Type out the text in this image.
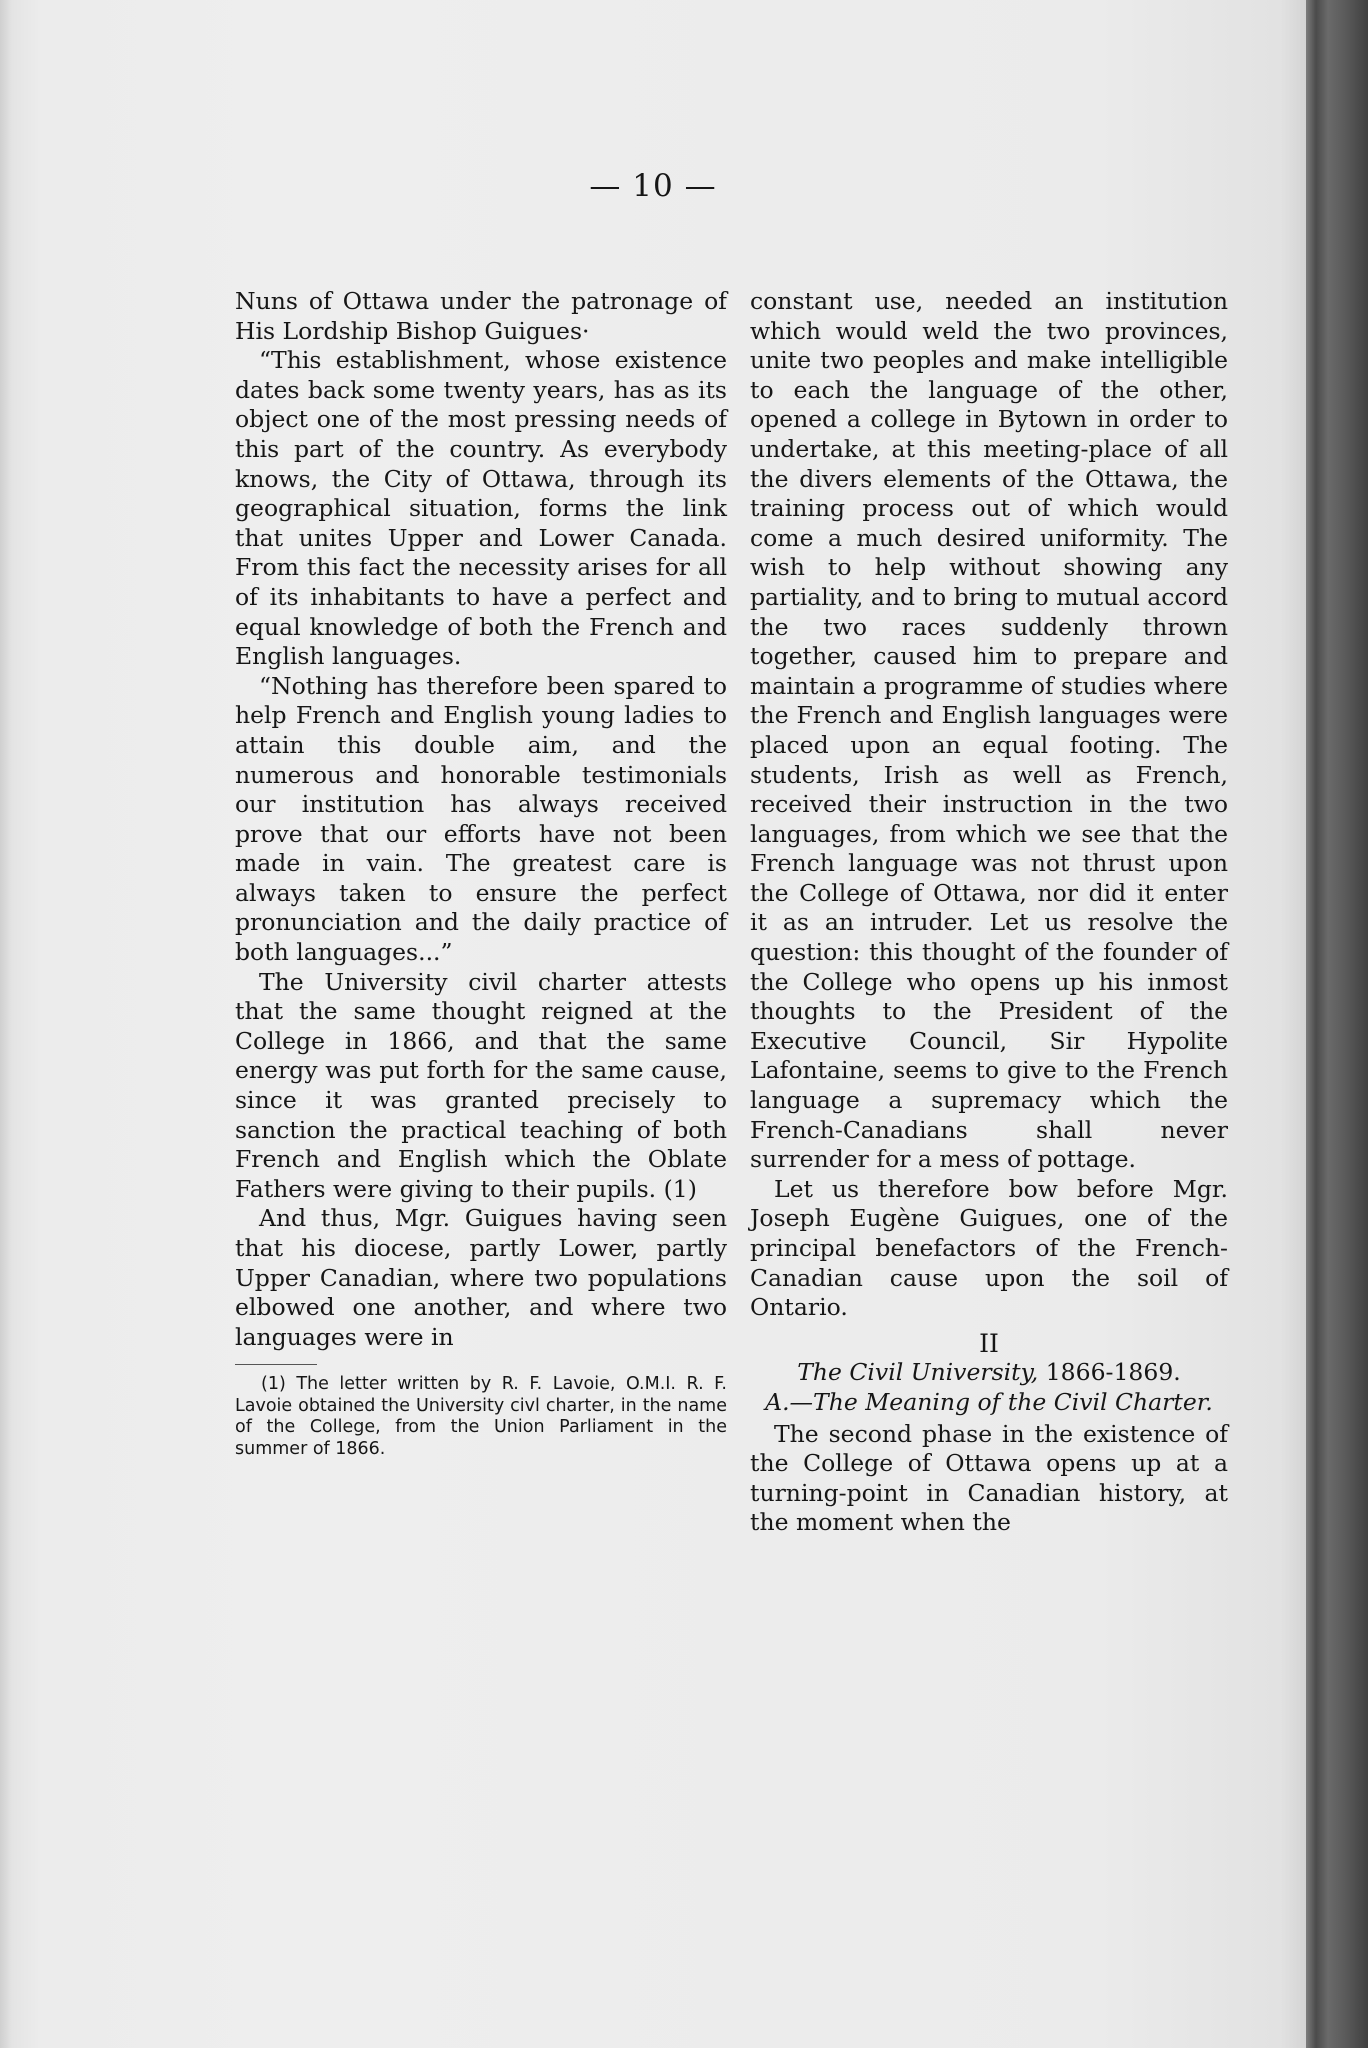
— 10 —

Nuns of Ottawa under the patronage of His Lordship Bishop Guigues·

“This establishment, whose existence dates back some twenty years, has as its object one of the most pressing needs of this part of the country. As everybody knows, the City of Ottawa, through its geographical situation, forms the link that unites Upper and Lower Canada. From this fact the necessity arises for all of its inhabitants to have a perfect and equal knowledge of both the French and English languages.

“Nothing has therefore been spared to help French and English young ladies to attain this double aim, and the numerous and honorable testimonials our institution has always received prove that our efforts have not been made in vain. The greatest care is always taken to ensure the perfect pronunciation and the daily practice of both languages...”

The University civil charter attests that the same thought reigned at the College in 1866, and that the same energy was put forth for the same cause, since it was granted precisely to sanction the practical teaching of both French and English which the Oblate Fathers were giving to their pupils. (1)

And thus, Mgr. Guigues having seen that his diocese, partly Lower, partly Upper Canadian, where two populations elbowed one another, and where two languages were in

(1) The letter written by R. F. Lavoie, O.M.I. R. F. Lavoie obtained the University civl charter, in the name of the College, from the Union Parliament in the summer of 1866.

constant use, needed an institution which would weld the two provinces, unite two peoples and make intelligible to each the language of the other, opened a college in Bytown in order to undertake, at this meeting-place of all the divers elements of the Ottawa, the training process out of which would come a much desired uniformity. The wish to help without showing any partiality, and to bring to mutual accord the two races suddenly thrown together, caused him to prepare and maintain a programme of studies where the French and English languages were placed upon an equal footing. The students, Irish as well as French, received their instruction in the two languages, from which we see that the French language was not thrust upon the College of Ottawa, nor did it enter it as an intruder. Let us resolve the question: this thought of the founder of the College who opens up his inmost thoughts to the President of the Executive Council, Sir Hypolite Lafontaine, seems to give to the French language a supremacy which the French-Canadians shall never surrender for a mess of pottage.

Let us therefore bow before Mgr. Joseph Eugène Guigues, one of the principal benefactors of the French-Canadian cause upon the soil of Ontario.

II
The Civil University, 1866-1869.
A.—The Meaning of the Civil Charter.

The second phase in the existence of the College of Ottawa opens up at a turning-point in Canadian history, at the moment when the
